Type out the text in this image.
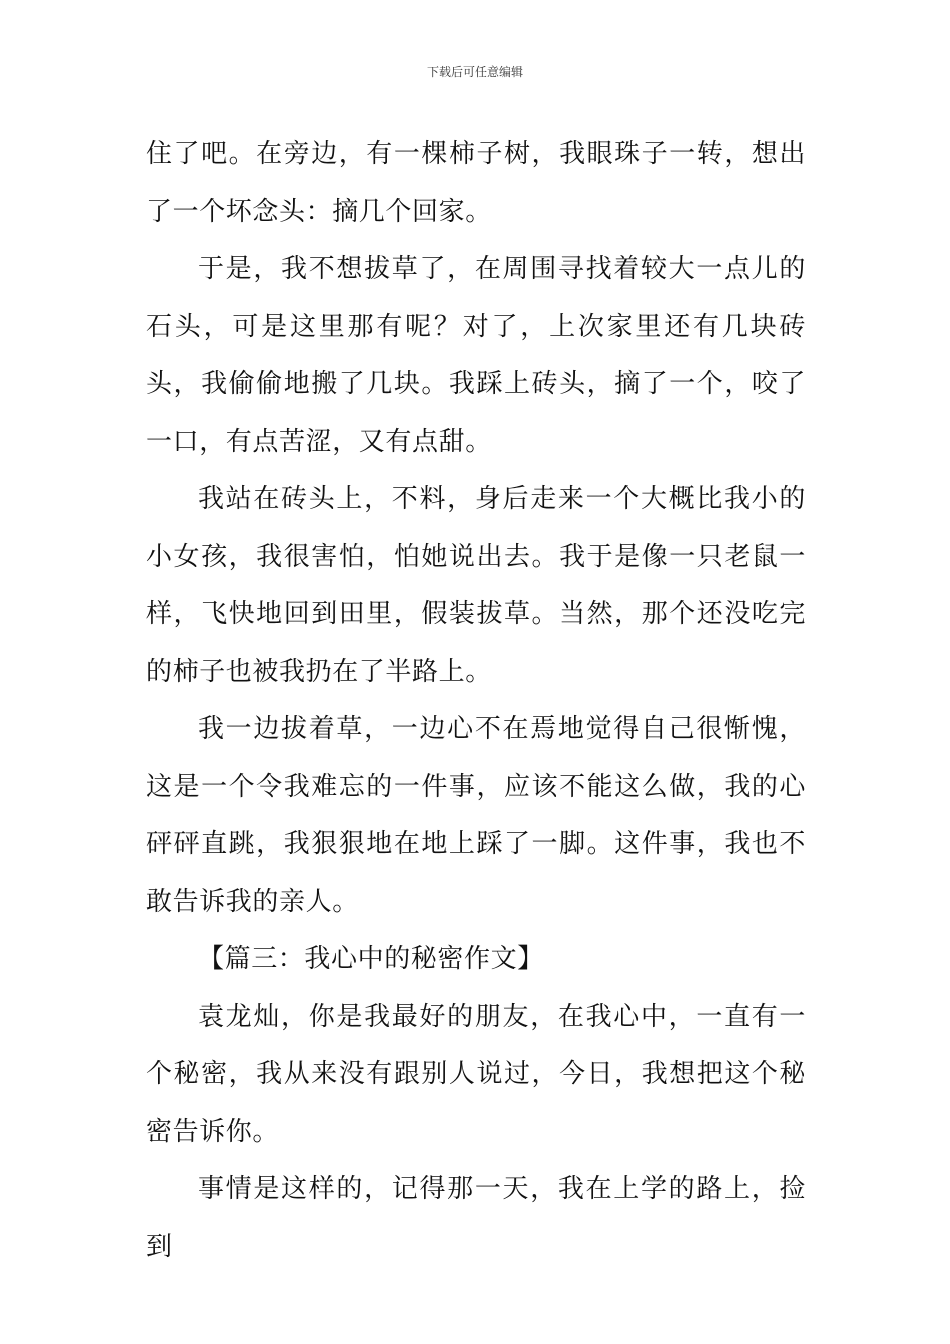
下载后可任意编辑

住了吧。在旁边，有一棵柿子树，我眼珠子一转，想出了一个坏念头：摘几个回家。

于是，我不想拔草了，在周围寻找着较大一点儿的石头，可是这里那有呢？对了，上次家里还有几块砖头，我偷偷地搬了几块。我踩上砖头，摘了一个，咬了一口，有点苦涩，又有点甜。

我站在砖头上，不料，身后走来一个大概比我小的小女孩，我很害怕，怕她说出去。我于是像一只老鼠一样，飞快地回到田里，假装拔草。当然，那个还没吃完的柿子也被我扔在了半路上。

我一边拔着草，一边心不在焉地觉得自己很惭愧，这是一个令我难忘的一件事，应该不能这么做，我的心砰砰直跳，我狠狠地在地上踩了一脚。这件事，我也不敢告诉我的亲人。

【篇三：我心中的秘密作文】

袁龙灿，你是我最好的朋友，在我心中，一直有一个秘密，我从来没有跟别人说过，今日，我想把这个秘密告诉你。

事情是这样的，记得那一天，我在上学的路上，捡到
